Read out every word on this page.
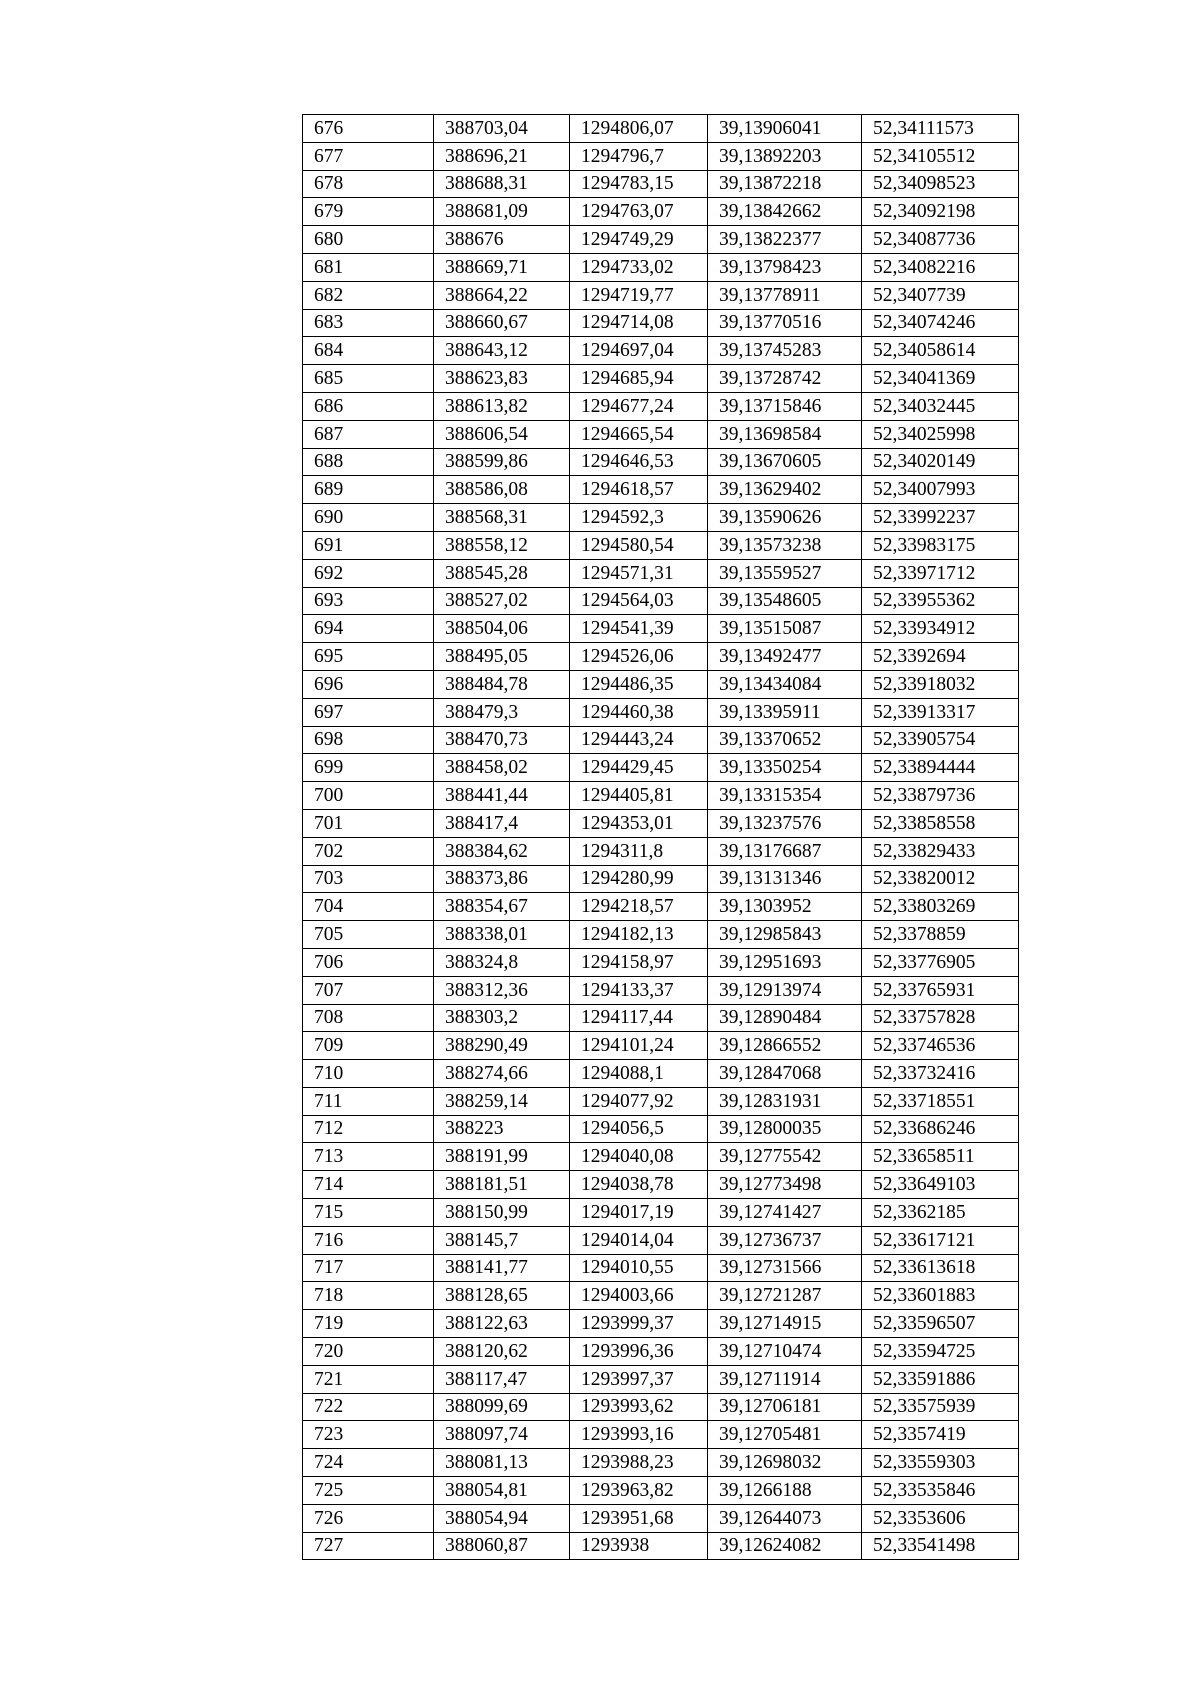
676	388703,04	1294806,07	39,13906041	52,34111573
677	388696,21	1294796,7	39,13892203	52,34105512
678	388688,31	1294783,15	39,13872218	52,34098523
679	388681,09	1294763,07	39,13842662	52,34092198
680	388676	1294749,29	39,13822377	52,34087736
681	388669,71	1294733,02	39,13798423	52,34082216
682	388664,22	1294719,77	39,13778911	52,3407739
683	388660,67	1294714,08	39,13770516	52,34074246
684	388643,12	1294697,04	39,13745283	52,34058614
685	388623,83	1294685,94	39,13728742	52,34041369
686	388613,82	1294677,24	39,13715846	52,34032445
687	388606,54	1294665,54	39,13698584	52,34025998
688	388599,86	1294646,53	39,13670605	52,34020149
689	388586,08	1294618,57	39,13629402	52,34007993
690	388568,31	1294592,3	39,13590626	52,33992237
691	388558,12	1294580,54	39,13573238	52,33983175
692	388545,28	1294571,31	39,13559527	52,33971712
693	388527,02	1294564,03	39,13548605	52,33955362
694	388504,06	1294541,39	39,13515087	52,33934912
695	388495,05	1294526,06	39,13492477	52,3392694
696	388484,78	1294486,35	39,13434084	52,33918032
697	388479,3	1294460,38	39,13395911	52,33913317
698	388470,73	1294443,24	39,13370652	52,33905754
699	388458,02	1294429,45	39,13350254	52,33894444
700	388441,44	1294405,81	39,13315354	52,33879736
701	388417,4	1294353,01	39,13237576	52,33858558
702	388384,62	1294311,8	39,13176687	52,33829433
703	388373,86	1294280,99	39,13131346	52,33820012
704	388354,67	1294218,57	39,1303952	52,33803269
705	388338,01	1294182,13	39,12985843	52,3378859
706	388324,8	1294158,97	39,12951693	52,33776905
707	388312,36	1294133,37	39,12913974	52,33765931
708	388303,2	1294117,44	39,12890484	52,33757828
709	388290,49	1294101,24	39,12866552	52,33746536
710	388274,66	1294088,1	39,12847068	52,33732416
711	388259,14	1294077,92	39,12831931	52,33718551
712	388223	1294056,5	39,12800035	52,33686246
713	388191,99	1294040,08	39,12775542	52,33658511
714	388181,51	1294038,78	39,12773498	52,33649103
715	388150,99	1294017,19	39,12741427	52,3362185
716	388145,7	1294014,04	39,12736737	52,33617121
717	388141,77	1294010,55	39,12731566	52,33613618
718	388128,65	1294003,66	39,12721287	52,33601883
719	388122,63	1293999,37	39,12714915	52,33596507
720	388120,62	1293996,36	39,12710474	52,33594725
721	388117,47	1293997,37	39,12711914	52,33591886
722	388099,69	1293993,62	39,12706181	52,33575939
723	388097,74	1293993,16	39,12705481	52,3357419
724	388081,13	1293988,23	39,12698032	52,33559303
725	388054,81	1293963,82	39,1266188	52,33535846
726	388054,94	1293951,68	39,12644073	52,3353606
727	388060,87	1293938	39,12624082	52,33541498
